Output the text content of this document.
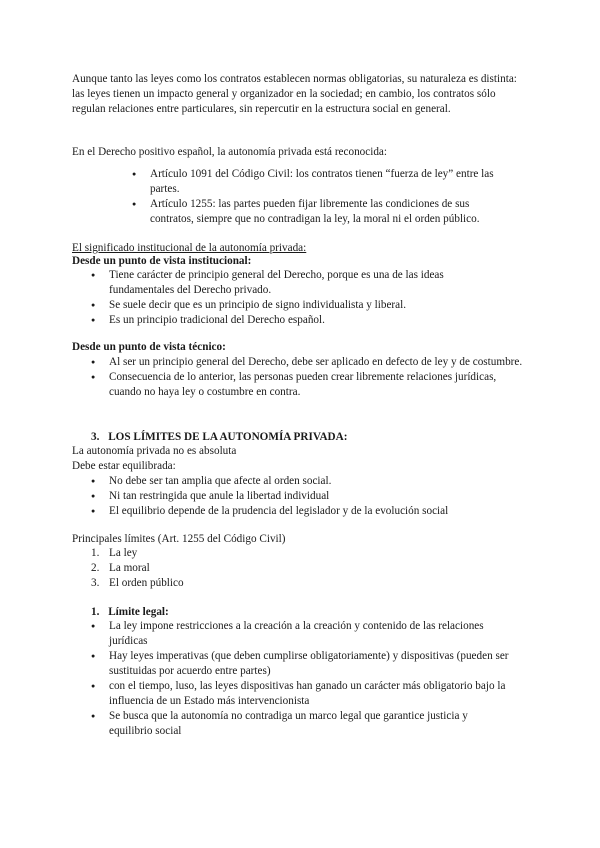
Aunque tanto las leyes como los contratos establecen normas obligatorias, su naturaleza es distinta: las leyes tienen un impacto general y organizador en la sociedad; en cambio, los contratos sólo regulan relaciones entre particulares, sin repercutir en la estructura social en general.

En el Derecho positivo español, la autonomía privada está reconocida:

● Artículo 1091 del Código Civil: los contratos tienen “fuerza de ley” entre las partes.
● Artículo 1255: las partes pueden fijar libremente las condiciones de sus contratos, siempre que no contradigan la ley, la moral ni el orden público.

El significado institucional de la autonomía privada:

Desde un punto de vista institucional:

● Tiene carácter de principio general del Derecho, porque es una de las ideas fundamentales del Derecho privado.
● Se suele decir que es un principio de signo individualista y liberal.
● Es un principio tradicional del Derecho español.

Desde un punto de vista técnico:

● Al ser un principio general del Derecho, debe ser aplicado en defecto de ley y de costumbre.
● Consecuencia de lo anterior, las personas pueden crear libremente relaciones jurídicas, cuando no haya ley o costumbre en contra.
3. LOS LÍMITES DE LA AUTONOMÍA PRIVADA:

La autonomía privada no es absoluta

Debe estar equilibrada:

● No debe ser tan amplia que afecte al orden social.
● Ni tan restringida que anule la libertad individual
● El equilibrio depende de la prudencia del legislador y de la evolución social

Principales límites (Art. 1255 del Código Civil)

1. La ley
2. La moral
3. El orden público
1. Límite legal:
● La ley impone restricciones a la creación a la creación y contenido de las relaciones jurídicas
● Hay leyes imperativas (que deben cumplirse obligatoriamente) y dispositivas (pueden ser sustituidas por acuerdo entre partes)
● con el tiempo, luso, las leyes dispositivas han ganado un carácter más obligatorio bajo la influencia de un Estado más intervencionista
● Se busca que la autonomía no contradiga un marco legal que garantice justicia y equilibrio social
